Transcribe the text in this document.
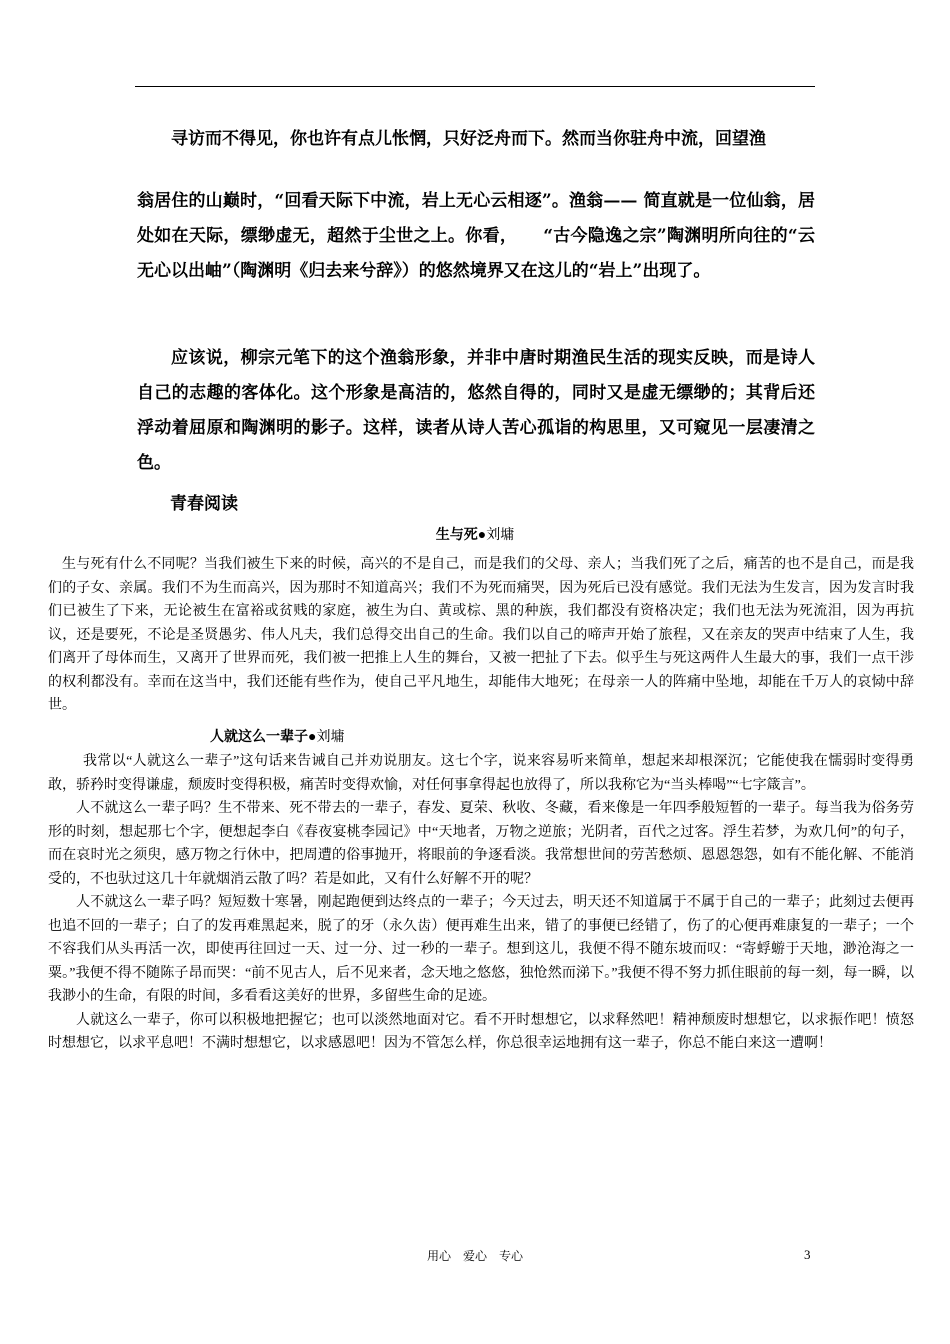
寻访而不得见，你也许有点儿怅惘，只好泛舟而下。然而当你驻舟中流，回望渔

翁居住的山巅时，“回看天际下中流，岩上无心云相逐”。渔翁—— 简直就是一位仙翁，居处如在天际，缥缈虚无，超然于尘世之上。你看，　　“古今隐逸之宗”陶渊明所向往的“云无心以出岫”（陶渊明《归去来兮辞》）的悠然境界又在这儿的“岩上”出现了。

应该说，柳宗元笔下的这个渔翁形象，并非中唐时期渔民生活的现实反映，而是诗人自己的志趣的客体化。这个形象是高洁的，悠然自得的，同时又是虚无缥缈的；其背后还浮动着屈原和陶渊明的影子。这样，读者从诗人苦心孤诣的构思里，又可窥见一层凄清之色。

青春阅读

生与死●刘墉

生与死有什么不同呢？当我们被生下来的时候，高兴的不是自己，而是我们的父母、亲人；当我们死了之后，痛苦的也不是自己，而是我们的子女、亲属。我们不为生而高兴，因为那时不知道高兴；我们不为死而痛哭，因为死后已没有感觉。我们无法为生发言，因为发言时我们已被生了下来，无论被生在富裕或贫贱的家庭，被生为白、黄或棕、黑的种族，我们都没有资格决定；我们也无法为死流泪，因为再抗议，还是要死，不论是圣贤愚劣、伟人凡夫，我们总得交出自己的生命。我们以自己的啼声开始了旅程，又在亲友的哭声中结束了人生，我们离开了母体而生，又离开了世界而死，我们被一把推上人生的舞台，又被一把扯了下去。似乎生与死这两件人生最大的事，我们一点干涉的权利都没有。幸而在这当中，我们还能有些作为，使自己平凡地生，却能伟大地死；在母亲一人的阵痛中坠地，却能在千万人的哀恸中辞世。

人就这么一辈子●刘墉

我常以“人就这么一辈子”这句话来告诫自己并劝说朋友。这七个字，说来容易听来简单，想起来却根深沉；它能使我在懦弱时变得勇敢，骄矜时变得谦虚，颓废时变得积极，痛苦时变得欢愉，对任何事拿得起也放得了，所以我称它为“当头棒喝”“七字箴言”。

人不就这么一辈子吗？生不带来、死不带去的一辈子，春发、夏荣、秋收、冬藏，看来像是一年四季般短暂的一辈子。每当我为俗务劳形的时刻，想起那七个字，便想起李白《春夜宴桃李园记》中“天地者，万物之逆旅；光阴者，百代之过客。浮生若梦，为欢几何”的句子，而在哀时光之须臾，感万物之行休中，把周遭的俗事抛开，将眼前的争逐看淡。我常想世间的劳苦愁烦、恩恩怨怨，如有不能化解、不能消受的，不也驮过这几十年就烟消云散了吗？若是如此，又有什么好解不开的呢？

人不就这么一辈子吗？短短数十寒暑，刚起跑便到达终点的一辈子；今天过去，明天还不知道属于不属于自己的一辈子；此刻过去便再也追不回的一辈子；白了的发再难黑起来，脱了的牙（永久齿）便再难生出来，错了的事便已经错了，伤了的心便再难康复的一辈子；一个不容我们从头再活一次，即使再往回过一天、过一分、过一秒的一辈子。想到这儿，我便不得不随东坡而叹：“寄蜉蝣于天地，渺沧海之一粟。”我便不得不随陈子昂而哭：“前不见古人，后不见来者，念天地之悠悠，独怆然而涕下。”我便不得不努力抓住眼前的每一刻，每一瞬，以我渺小的生命，有限的时间，多看看这美好的世界，多留些生命的足迹。

人就这么一辈子，你可以积极地把握它；也可以淡然地面对它。看不开时想想它，以求释然吧！精神颓废时想想它，以求振作吧！愤怒时想想它，以求平息吧！不满时想想它，以求感恩吧！因为不管怎么样，你总很幸运地拥有这一辈子，你总不能白来这一遭啊！

用心　爱心　专心	3
